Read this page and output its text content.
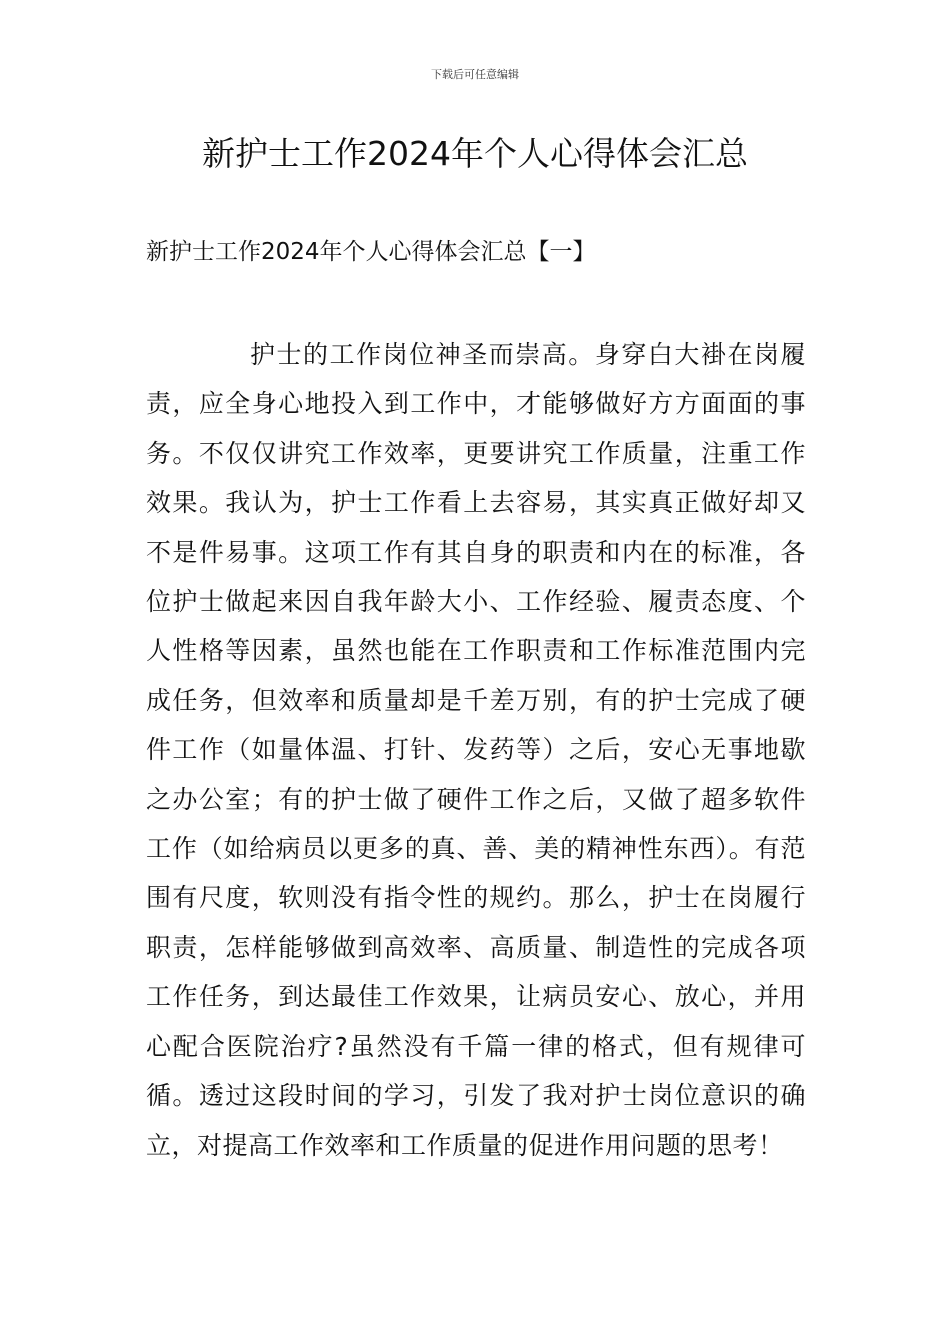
下载后可任意编辑
新护士工作2024年个人心得体会汇总
新护士工作2024年个人心得体会汇总【一】

护士的工作岗位神圣而崇高。身穿白大褂在岗履责，应全身心地投入到工作中，才能够做好方方面面的事务。不仅仅讲究工作效率，更要讲究工作质量，注重工作效果。我认为，护士工作看上去容易，其实真正做好却又不是件易事。这项工作有其自身的职责和内在的标准，各位护士做起来因自我年龄大小、工作经验、履责态度、个人性格等因素，虽然也能在工作职责和工作标准范围内完成任务，但效率和质量却是千差万别，有的护士完成了硬件工作（如量体温、打针、发药等）之后，安心无事地歇之办公室；有的护士做了硬件工作之后，又做了超多软件工作（如给病员以更多的真、善、美的精神性东西）。有范围有尺度，软则没有指令性的规约。那么，护士在岗履行职责，怎样能够做到高效率、高质量、制造性的完成各项工作任务，到达最佳工作效果，让病员安心、放心，并用心配合医院治疗?虽然没有千篇一律的格式，但有规律可循。透过这段时间的学习，引发了我对护士岗位意识的确立，对提高工作效率和工作质量的促进作用问题的思考！
